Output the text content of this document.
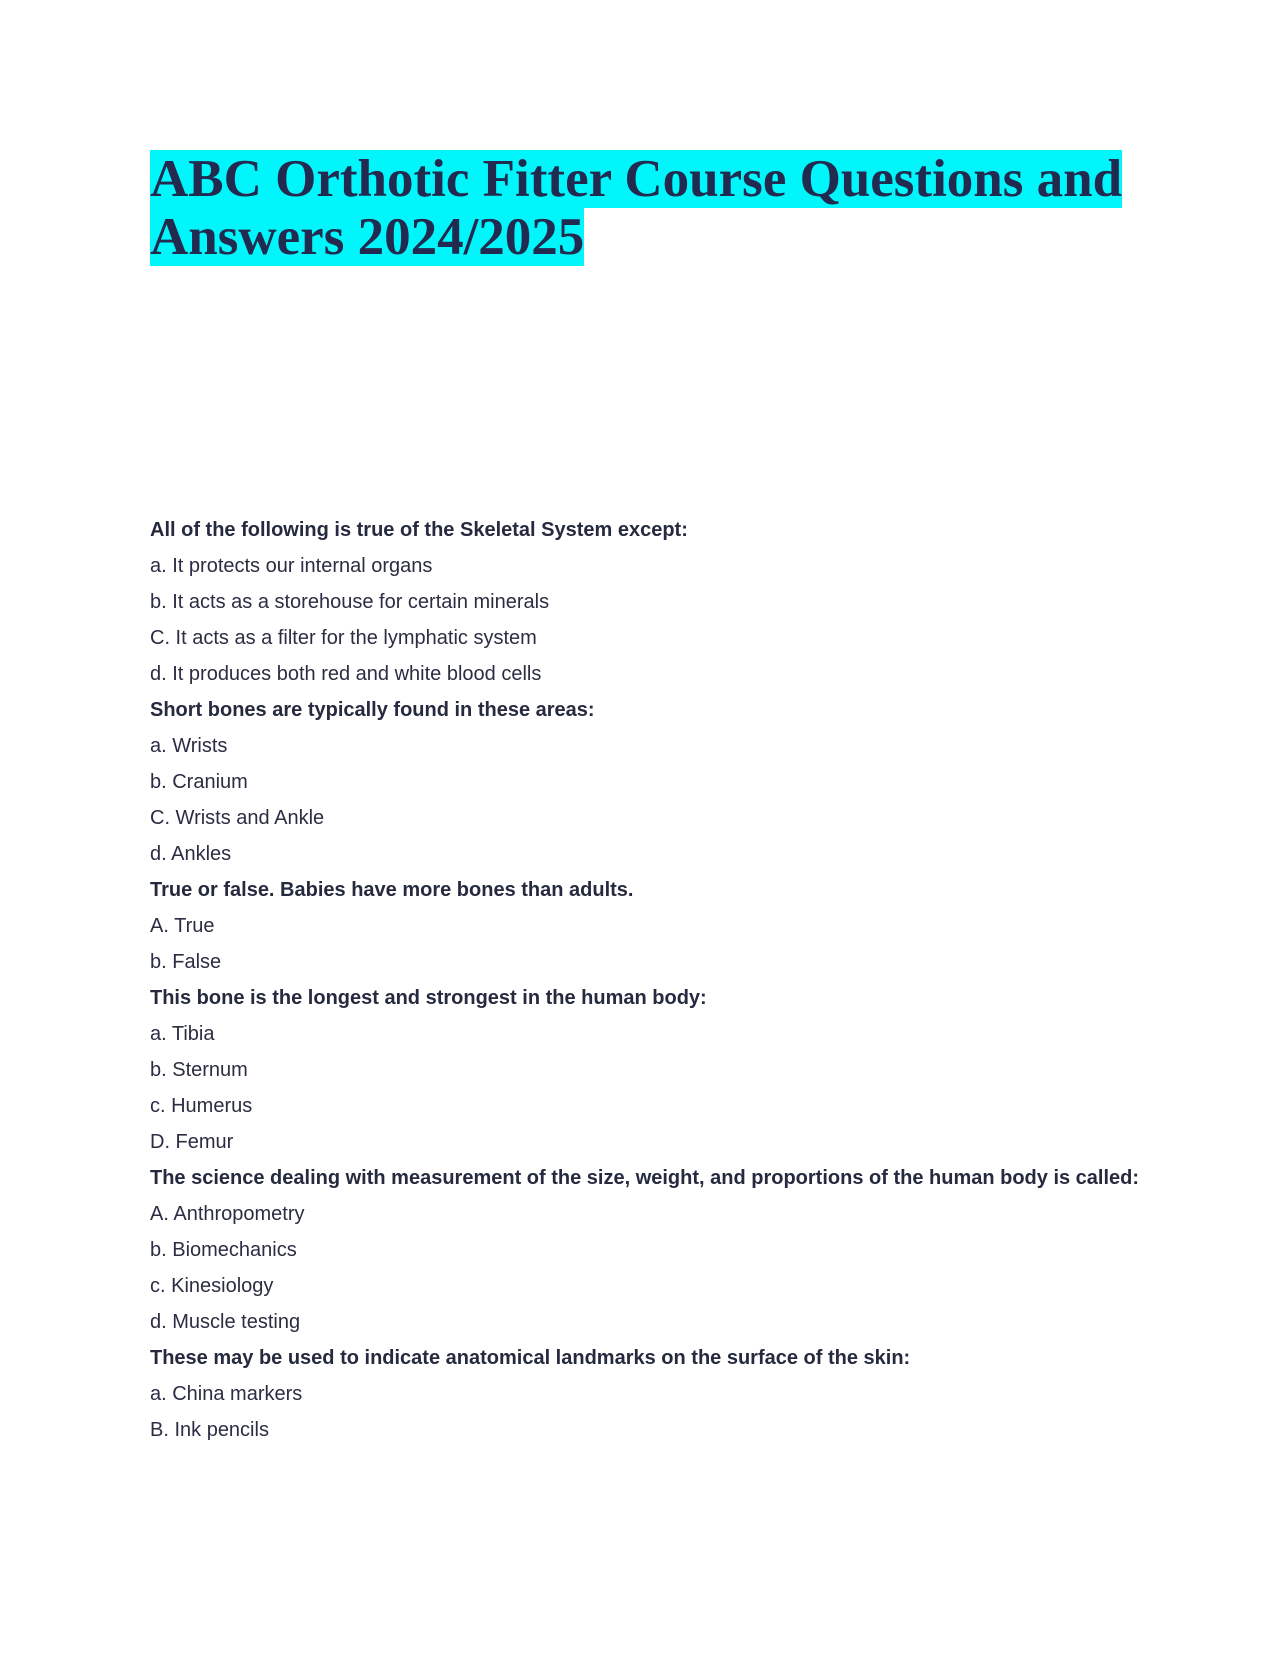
ABC Orthotic Fitter Course Questions and
Answers 2024/2025

All of the following is true of the Skeletal System except:

a. It protects our internal organs

b. It acts as a storehouse for certain minerals

C. It acts as a filter for the lymphatic system

d. It produces both red and white blood cells

Short bones are typically found in these areas:

a. Wrists

b. Cranium

C. Wrists and Ankle

d. Ankles

True or false. Babies have more bones than adults.

A. True

b. False

This bone is the longest and strongest in the human body:

a. Tibia

b. Sternum

c. Humerus

D. Femur

The science dealing with measurement of the size, weight, and proportions of the human body is called:

A. Anthropometry

b. Biomechanics

c. Kinesiology

d. Muscle testing

These may be used to indicate anatomical landmarks on the surface of the skin:

a. China markers

B. Ink pencils
